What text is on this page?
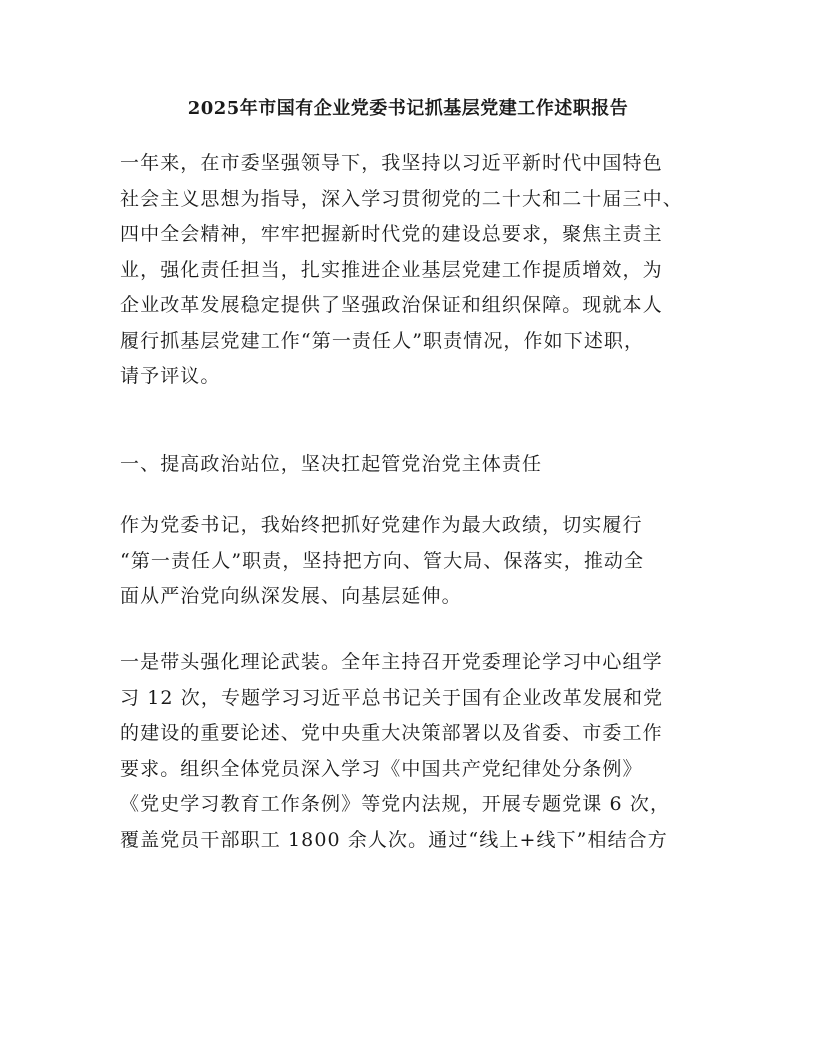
2025年市国有企业党委书记抓基层党建工作述职报告
一年来，在市委坚强领导下，我坚持以习近平新时代中国特色
社会主义思想为指导，深入学习贯彻党的二十大和二十届三中、
四中全会精神，牢牢把握新时代党的建设总要求，聚焦主责主
业，强化责任担当，扎实推进企业基层党建工作提质增效，为
企业改革发展稳定提供了坚强政治保证和组织保障。现就本人
履行抓基层党建工作“第一责任人”职责情况，作如下述职，
请予评议。
一、提高政治站位，坚决扛起管党治党主体责任
作为党委书记，我始终把抓好党建作为最大政绩，切实履行
“第一责任人”职责，坚持把方向、管大局、保落实，推动全
面从严治党向纵深发展、向基层延伸。
一是带头强化理论武装。全年主持召开党委理论学习中心组学
习 12 次，专题学习习近平总书记关于国有企业改革发展和党
的建设的重要论述、党中央重大决策部署以及省委、市委工作
要求。组织全体党员深入学习《中国共产党纪律处分条例》
《党史学习教育工作条例》等党内法规，开展专题党课 6 次，
覆盖党员干部职工 1800 余人次。通过“线上+线下”相结合方
